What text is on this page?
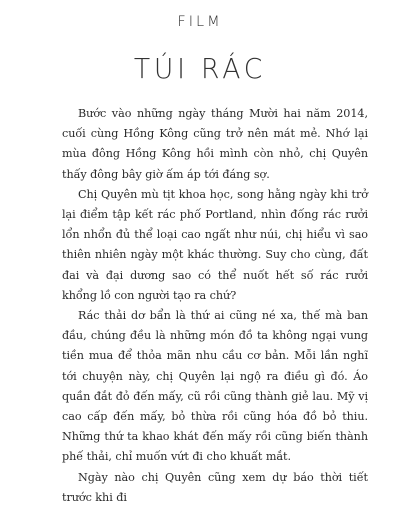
FILM
TÚI RÁC

Bước vào những ngày tháng Mười hai năm 2014, cuối cùng Hồng Kông cũng trở nên mát mẻ. Nhớ lại mùa đông Hồng Kông hồi mình còn nhỏ, chị Quyên thấy đông bây giờ ấm áp tới đáng sợ.

Chị Quyên mù tịt khoa học, song hằng ngày khi trở lại điểm tập kết rác phố Portland, nhìn đống rác rưởi lổn nhổn đủ thể loại cao ngất như núi, chị hiểu vì sao thiên nhiên ngày một khác thường. Suy cho cùng, đất đai và đại dương sao có thể nuốt hết số rác rưởi khổng lồ con người tạo ra chứ?

Rác thải dơ bẩn là thứ ai cũng né xa, thế mà ban đầu, chúng đều là những món đồ ta không ngại vung tiền mua để thỏa mãn nhu cầu cơ bản. Mỗi lần nghĩ tới chuyện này, chị Quyên lại ngộ ra điều gì đó. Áo quần đắt đỏ đến mấy, cũ rồi cũng thành giẻ lau. Mỹ vị cao cấp đến mấy, bỏ thừa rồi cũng hóa đồ bỏ thiu. Những thứ ta khao khát đến mấy rồi cũng biến thành phế thải, chỉ muốn vứt đi cho khuất mắt.

Ngày nào chị Quyên cũng xem dự báo thời tiết trước khi đi
